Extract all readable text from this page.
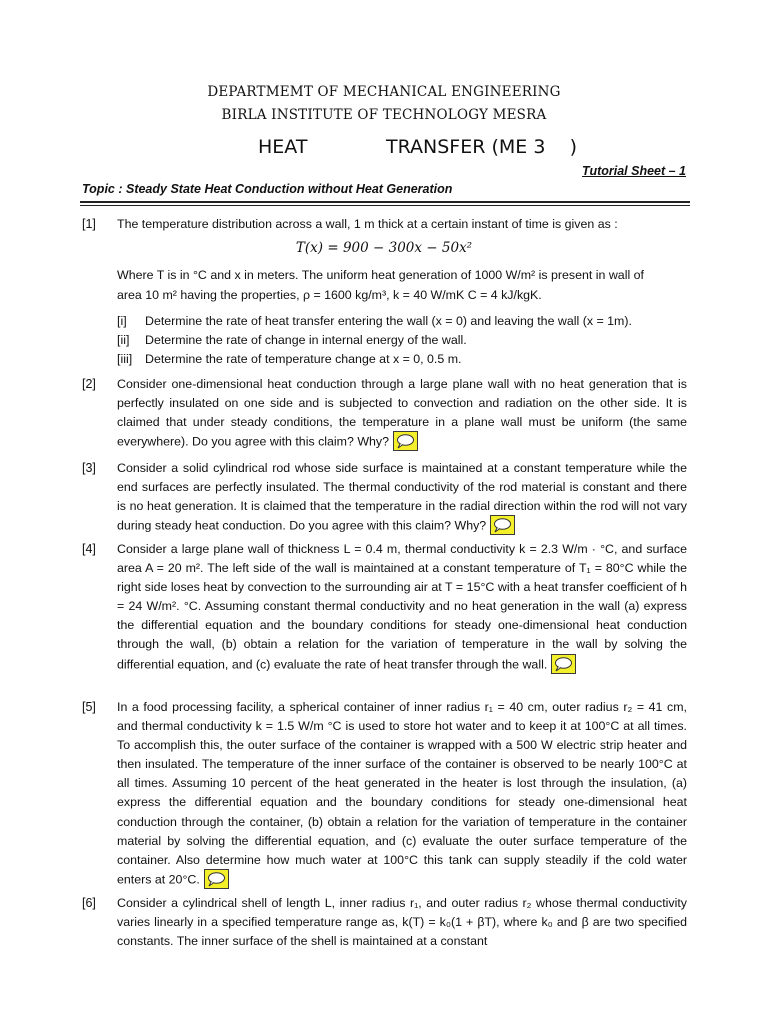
DEPARTMEMT OF MECHANICAL ENGINEERING
BIRLA INSTITUTE OF TECHNOLOGY MESRA
HEAT	TRANSFER (ME 3    )
Tutorial Sheet – 1
Topic : Steady State Heat Conduction without Heat Generation
[1] The temperature distribution across a wall, 1 m thick at a certain instant of time is given as :
T(x) = 900 − 300x − 50x²
Where T is in °C and x in meters. The uniform heat generation of 1000 W/m² is present in wall of
area 10 m² having the properties, ρ = 1600 kg/m³, k = 40 W/mK C = 4 kJ/kgK.
[i] Determine the rate of heat transfer entering the wall (x = 0) and leaving the wall (x = 1m).
[ii] Determine the rate of change in internal energy of the wall.
[iii] Determine the rate of temperature change at x = 0, 0.5 m.
[2] Consider one-dimensional heat conduction through a large plane wall with no heat generation that is perfectly insulated on one side and is subjected to convection and radiation on the other side. It is claimed that under steady conditions, the temperature in a plane wall must be uniform (the same everywhere). Do you agree with this claim? Why?
[3] Consider a solid cylindrical rod whose side surface is maintained at a constant temperature while the end surfaces are perfectly insulated. The thermal conductivity of the rod material is constant and there is no heat generation. It is claimed that the temperature in the radial direction within the rod will not vary during steady heat conduction. Do you agree with this claim? Why?
[4] Consider a large plane wall of thickness L = 0.4 m, thermal conductivity k = 2.3 W/m · °C, and surface area A = 20 m². The left side of the wall is maintained at a constant temperature of T₁ = 80°C while the right side loses heat by convection to the surrounding air at T = 15°C with a heat transfer coefficient of h = 24 W/m². °C. Assuming constant thermal conductivity and no heat generation in the wall (a) express the differential equation and the boundary conditions for steady one-dimensional heat conduction through the wall, (b) obtain a relation for the variation of temperature in the wall by solving the differential equation, and (c) evaluate the rate of heat transfer through the wall.
[5] In a food processing facility, a spherical container of inner radius r₁ = 40 cm, outer radius r₂ = 41 cm, and thermal conductivity k = 1.5 W/m °C is used to store hot water and to keep it at 100°C at all times. To accomplish this, the outer surface of the container is wrapped with a 500 W electric strip heater and then insulated. The temperature of the inner surface of the container is observed to be nearly 100°C at all times. Assuming 10 percent of the heat generated in the heater is lost through the insulation, (a) express the differential equation and the boundary conditions for steady one-dimensional heat conduction through the container, (b) obtain a relation for the variation of temperature in the container material by solving the differential equation, and (c) evaluate the outer surface temperature of the container. Also determine how much water at 100°C this tank can supply steadily if the cold water enters at 20°C.
[6] Consider a cylindrical shell of length L, inner radius r₁, and outer radius r₂ whose thermal conductivity varies linearly in a specified temperature range as, k(T) = k₀(1 + βT), where k₀ and β are two specified constants. The inner surface of the shell is maintained at a constant
